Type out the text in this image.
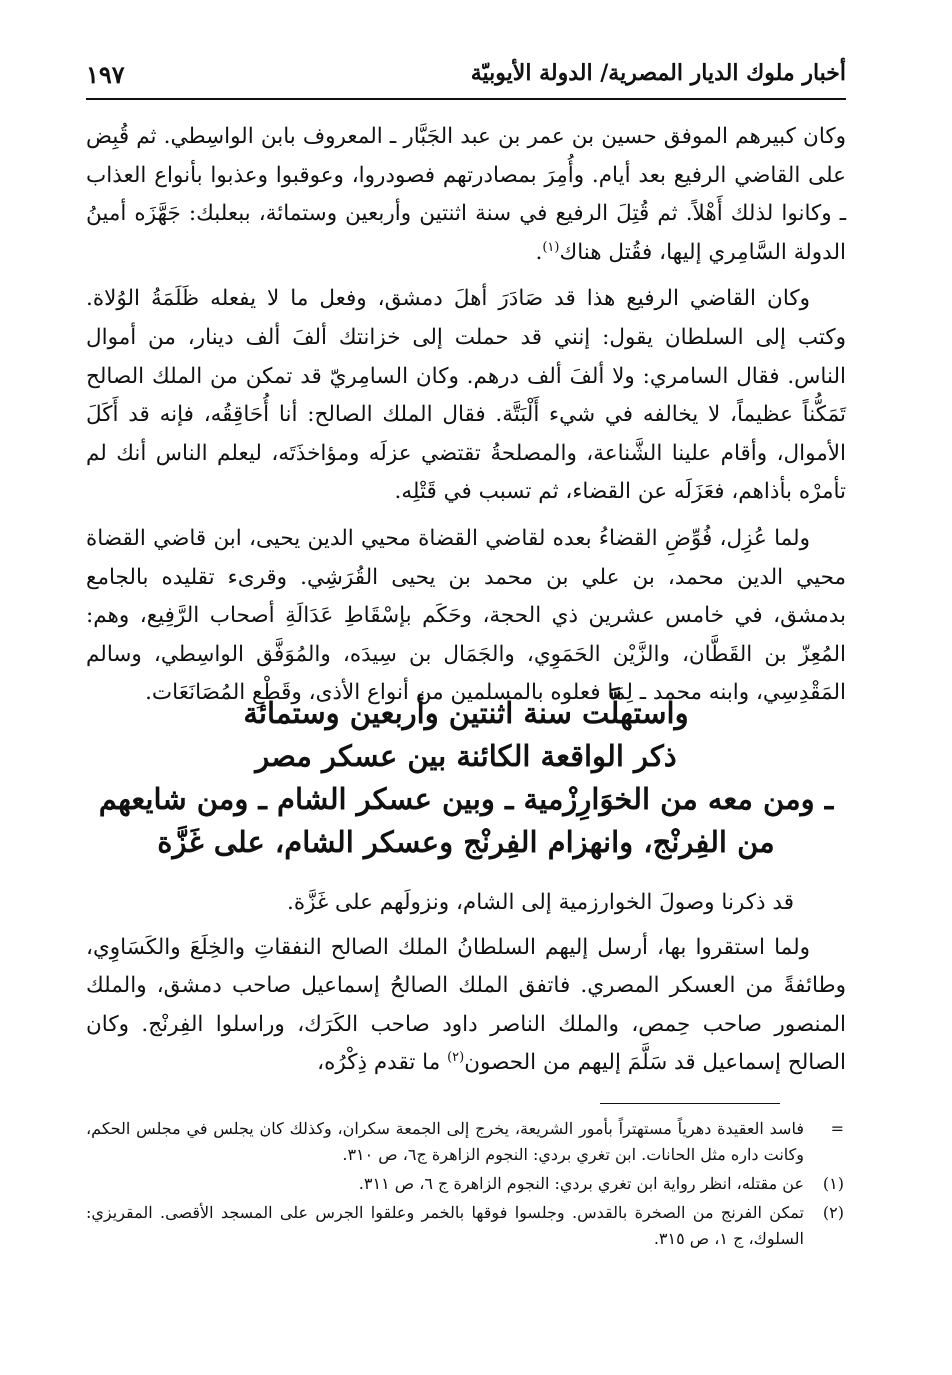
أخبار ملوك الديار المصرية/ الدولة الأيوبيّة
١٩٧

وكان كبيرهم الموفق حسين بن عمر بن عبد الجَبَّار ـ المعروف بابن الواسِطي. ثم قُبِض على القاضي الرفيع بعد أيام. وأُمِرَ بمصادرتهم فصودروا، وعوقبوا وعذبوا بأنواع العذاب ـ وكانوا لذلك أَهْلاً. ثم قُتِلَ الرفيع في سنة اثنتين وأربعين وستمائة، ببعلبك: جَهَّزَه أمينُ الدولة السَّامِري إليها، فقُتل هناك$^{(١)}$.

وكان القاضي الرفيع هذا قد صَادَرَ أهلَ دمشق، وفعل ما لا يفعله ظَلَمَةُ الوُلاة. وكتب إلى السلطان يقول: إنني قد حملت إلى خزانتك ألفَ ألف دينار، من أموال الناس. فقال السامري: ولا ألفَ ألف درهم. وكان السامِريّ قد تمكن من الملك الصالح تَمَكُّناً عظيماً، لا يخالفه في شيء أَلْبَتَّة. فقال الملك الصالح: أنا أُحَاقِقُه، فإنه قد أَكَلَ الأموال، وأقام علينا الشَّناعة، والمصلحةُ تقتضي عزلَه ومؤاخذَتَه، ليعلم الناس أنك لم تأمرْه بأذاهم، فعَزَلَه عن القضاء، ثم تسبب في قَتْلِه.

ولما عُزِل، فُوِّضِ القضاءُ بعده لقاضي القضاة محيي الدين يحيى، ابن قاضي القضاة محيي الدين محمد، بن علي بن محمد بن يحيى القُرَشِي. وقرىء تقليده بالجامع بدمشق، في خامس عشرين ذي الحجة، وحَكَم بإسْقَاطِ عَدَالَةِ أصحاب الرَّفِيع، وهم: المُعِزّ بن القَطَّان، والزَّيْن الحَمَوِي، والجَمَال بن سِيدَه، والمُوَفَّق الواسِطي، وسالم المَقْدِسِي، وابنه محمد ـ لِمَا فعلوه بالمسلمين من أنواع الأذى، وقَطْعِ المُصَانَعَات.

واستهلَّت سنة اثنتين وأربعين وستمائة
ذكر الواقعة الكائنة بين عسكر مصر
ـ ومن معه من الخوَارِزْمية ـ وبين عسكر الشام ـ ومن شايعهم
من الفِرنْج، وانهزام الفِرنْج وعسكر الشام، على غَزَّة

قد ذكرنا وصولَ الخوارزمية إلى الشام، ونزولَهم على غَزَّة.

ولما استقروا بها، أرسل إليهم السلطانُ الملك الصالح النفقاتِ والخِلَعَ والكَسَاوِي، وطائفةً من العسكر المصري. فاتفق الملك الصالحُ إسماعيل صاحب دمشق، والملك المنصور صاحب حِمص، والملك الناصر داود صاحب الكَرَك، وراسلوا الفِرنْج. وكان الصالح إسماعيل قد سَلَّمَ إليهم من الحصون$^{(٢)}$ ما تقدم ذِكْرُه،

=
فاسد العقيدة دهرياً مستهتراً بأمور الشريعة، يخرج إلى الجمعة سكران، وكذلك كان يجلس في مجلس الحكم، وكانت داره مثل الحانات. ابن تغري بردي: النجوم الزاهرة ج٦، ص ٣١٠.
(١)
عن مقتله، انظر رواية ابن تغري بردي: النجوم الزاهرة ج ٦، ص ٣١١.
(٢)
تمكن الفرنج من الصخرة بالقدس. وجلسوا فوقها بالخمر وعلقوا الجرس على المسجد الأقصى. المقريزي: السلوك، ج ١، ص ٣١٥.
